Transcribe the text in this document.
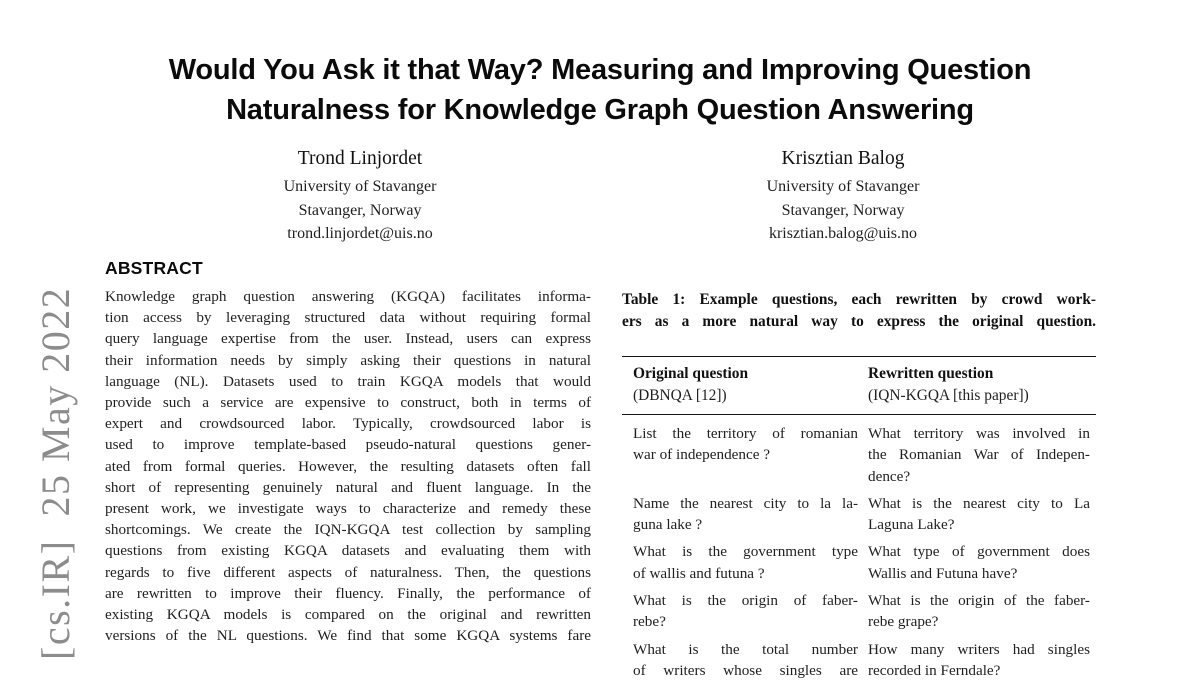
[cs.IR]  25 May 2022
Would You Ask it that Way? Measuring and Improving Question
Naturalness for Knowledge Graph Question Answering
Trond Linjordet
University of Stavanger
Stavanger, Norway
trond.linjordet@uis.no
Krisztian Balog
University of Stavanger
Stavanger, Norway
krisztian.balog@uis.no
ABSTRACT
Knowledge graph question answering (KGQA) facilitates informa-
tion access by leveraging structured data without requiring formal
query language expertise from the user. Instead, users can express
their information needs by simply asking their questions in natural
language (NL). Datasets used to train KGQA models that would
provide such a service are expensive to construct, both in terms of
expert and crowdsourced labor. Typically, crowdsourced labor is
used to improve template-based pseudo-natural questions gener-
ated from formal queries. However, the resulting datasets often fall
short of representing genuinely natural and fluent language. In the
present work, we investigate ways to characterize and remedy these
shortcomings. We create the IQN-KGQA test collection by sampling
questions from existing KGQA datasets and evaluating them with
regards to five different aspects of naturalness. Then, the questions
are rewritten to improve their fluency. Finally, the performance of
existing KGQA models is compared on the original and rewritten
versions of the NL questions. We find that some KGQA systems fare
Table 1: Example questions, each rewritten by crowd work-
ers as a more natural way to express the original question.
Original question
(DBNQA [12])
Rewritten question
(IQN-KGQA [this paper])
List the territory of romanian
war of independence ?
What territory was involved in
the Romanian War of Indepen-
dence?
Name the nearest city to la la-
guna lake ?
What is the nearest city to La
Laguna Lake?
What is the government type
of wallis and futuna ?
What type of government does
Wallis and Futuna have?
What is the origin of faber-
rebe?
What is the origin of the faber-
rebe grape?
What is the total number
of writers whose singles are
How many writers had singles
recorded in Ferndale?
